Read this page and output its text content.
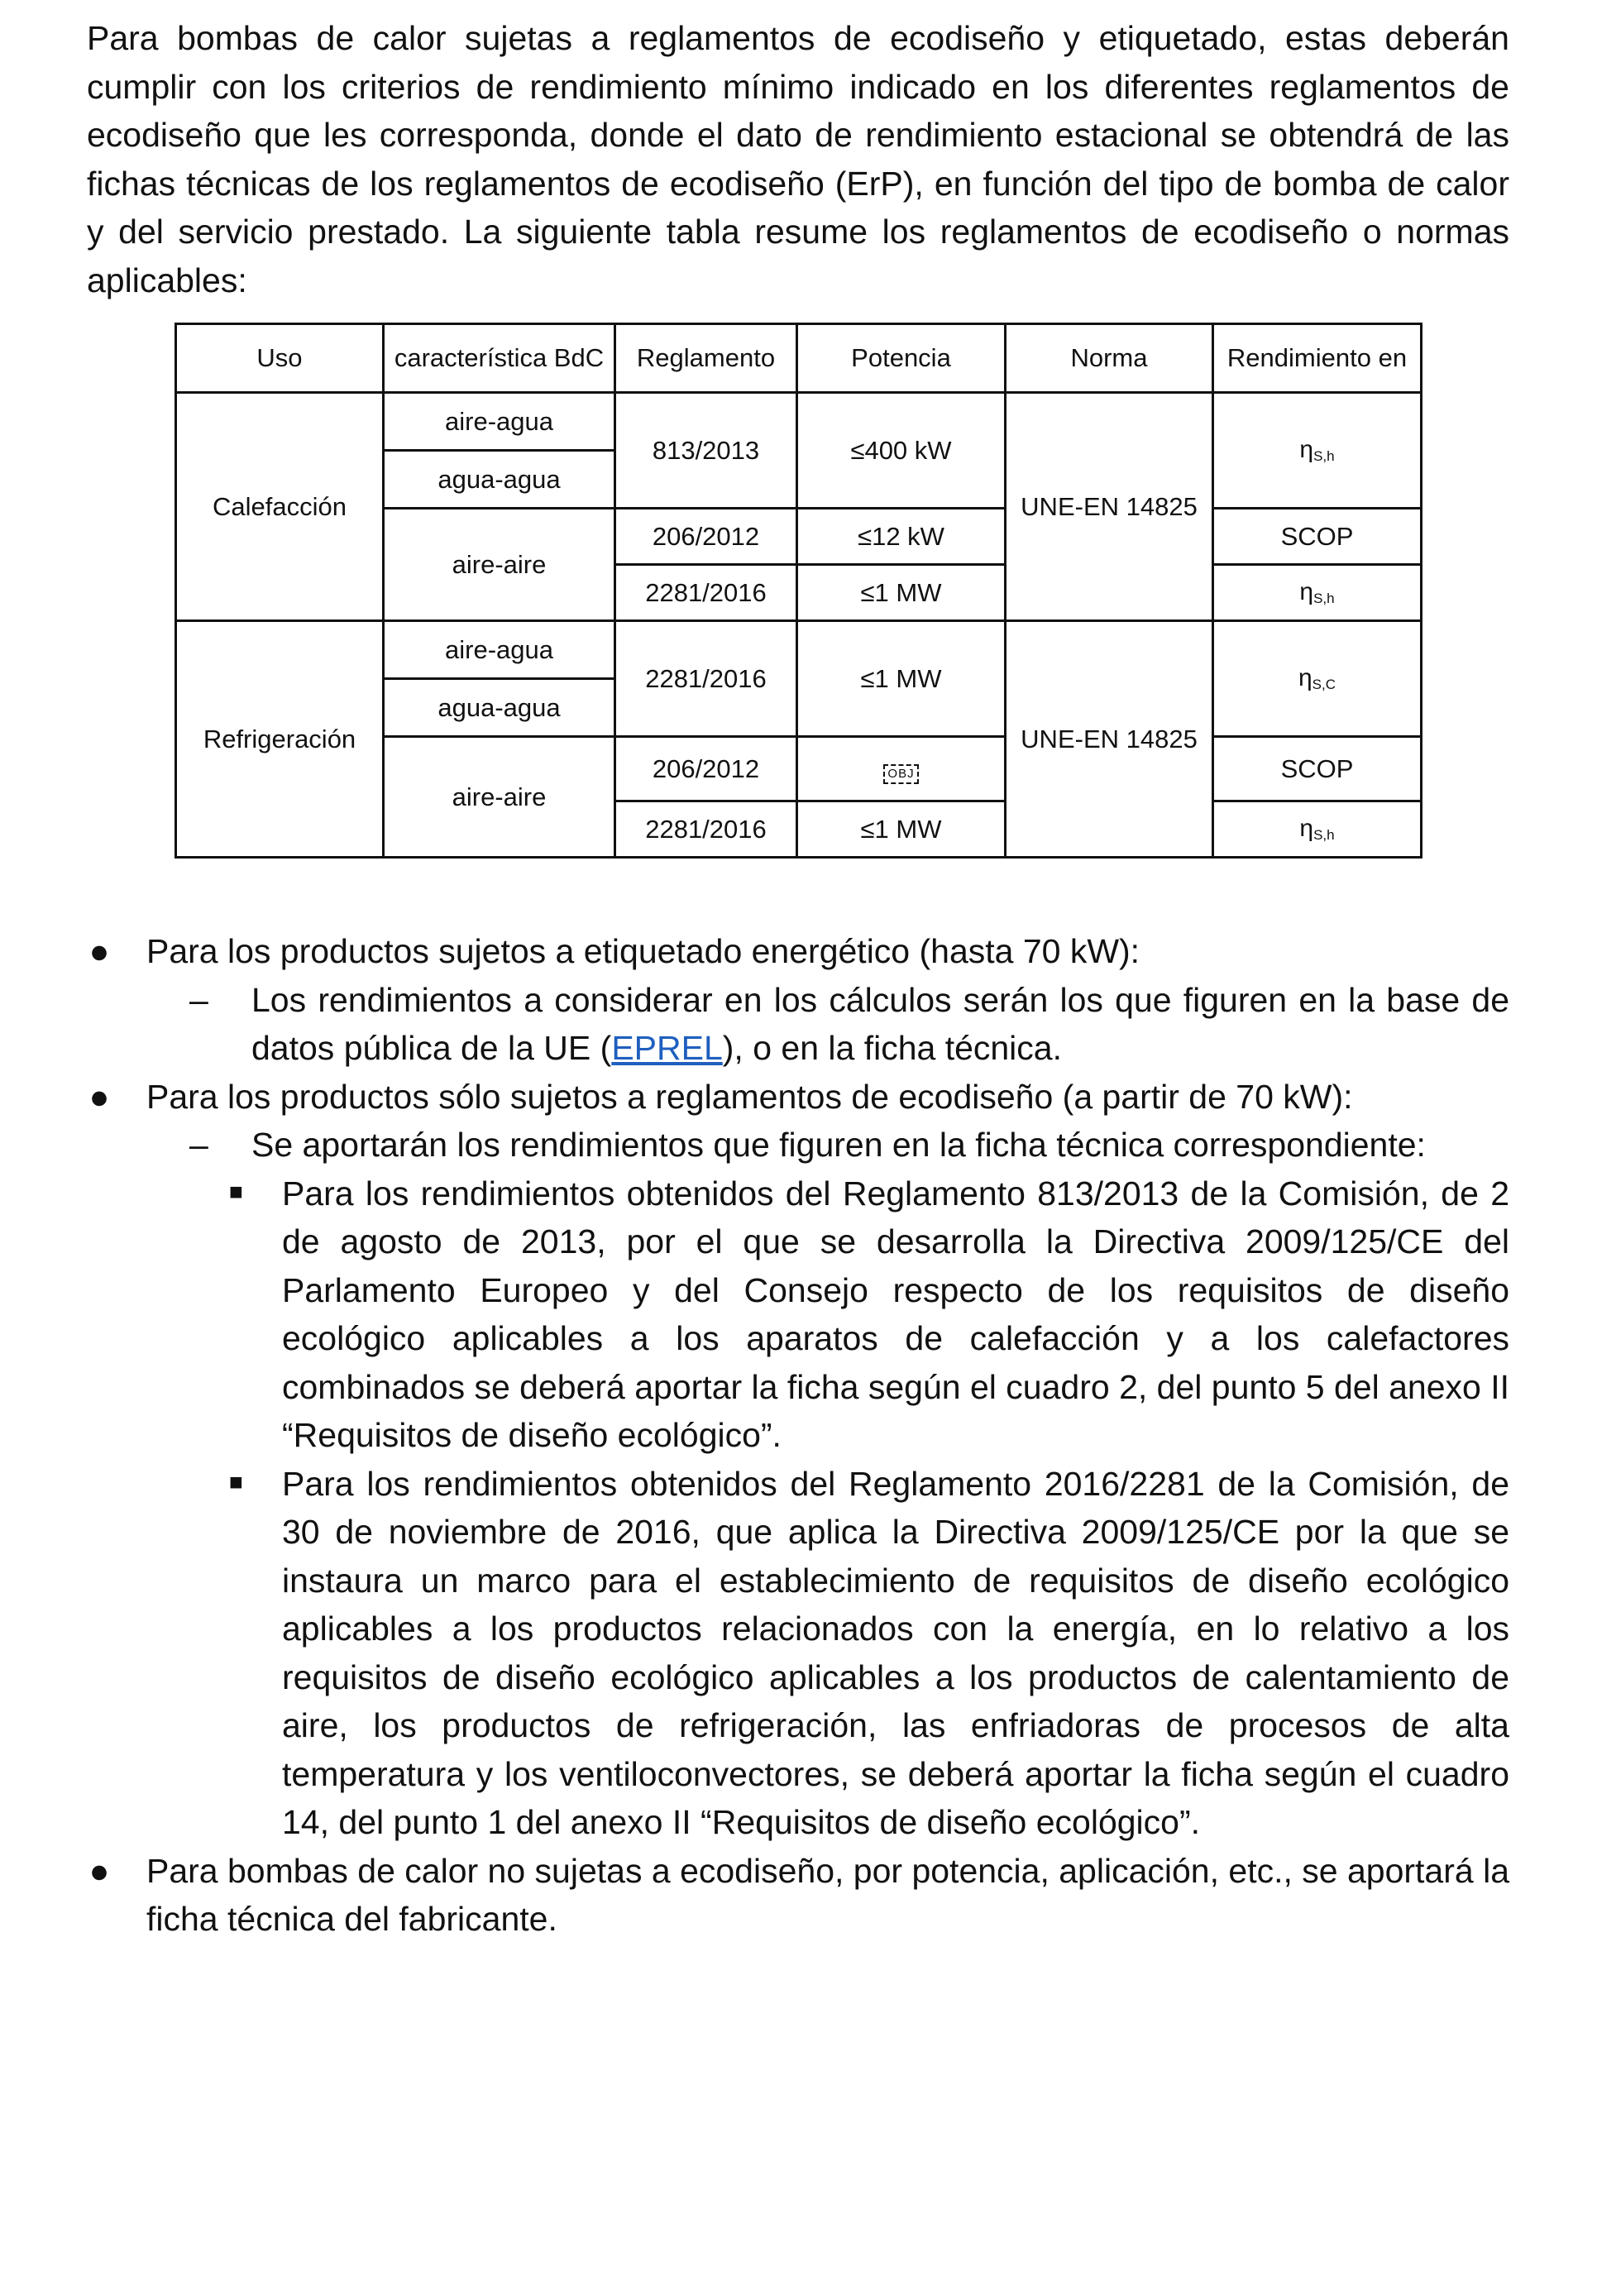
Para bombas de calor sujetas a reglamentos de ecodiseño y etiquetado, estas deberán cumplir con los criterios de rendimiento mínimo indicado en los diferentes reglamentos de ecodiseño que les corresponda, donde el dato de rendimiento estacional se obtendrá de las fichas técnicas de los reglamentos de ecodiseño (ErP), en función del tipo de bomba de calor y del servicio prestado. La siguiente tabla resume los reglamentos de ecodiseño o normas aplicables:

Uso	característica BdC	Reglamento	Potencia	Norma	Rendimiento en
Calefacción	aire-agua	813/2013	≤400 kW	UNE-EN 14825	$\eta_{S,h}$
	agua-agua				
	aire-aire	206/2012	≤12 kW		SCOP
		2281/2016	≤1 MW		$\eta_{S,h}$
Refrigeración	aire-agua	2281/2016	≤1 MW	UNE-EN 14825	$\eta_{S,C}$
	agua-agua				
	aire-aire	206/2012	OBJ		SCOP
		2281/2016	≤1 MW		$\eta_{S,h}$
● Para los productos sujetos a etiquetado energético (hasta 70 kW):
– Los rendimientos a considerar en los cálculos serán los que figuren en la base de datos pública de la UE (EPREL), o en la ficha técnica.
● Para los productos sólo sujetos a reglamentos de ecodiseño (a partir de 70 kW):
– Se aportarán los rendimientos que figuren en la ficha técnica correspondiente:
■ Para los rendimientos obtenidos del Reglamento 813/2013 de la Comisión, de 2 de agosto de 2013, por el que se desarrolla la Directiva 2009/125/CE del Parlamento Europeo y del Consejo respecto de los requisitos de diseño ecológico aplicables a los aparatos de calefacción y a los calefactores combinados se deberá aportar la ficha según el cuadro 2, del punto 5 del anexo II “Requisitos de diseño ecológico”.
■ Para los rendimientos obtenidos del Reglamento 2016/2281 de la Comisión, de 30 de noviembre de 2016, que aplica la Directiva 2009/125/CE por la que se instaura un marco para el establecimiento de requisitos de diseño ecológico aplicables a los productos relacionados con la energía, en lo relativo a los requisitos de diseño ecológico aplicables a los productos de calentamiento de aire, los productos de refrigeración, las enfriadoras de procesos de alta temperatura y los ventiloconvectores, se deberá aportar la ficha según el cuadro 14, del punto 1 del anexo II “Requisitos de diseño ecológico”.
● Para bombas de calor no sujetas a ecodiseño, por potencia, aplicación, etc., se aportará la ficha técnica del fabricante.
